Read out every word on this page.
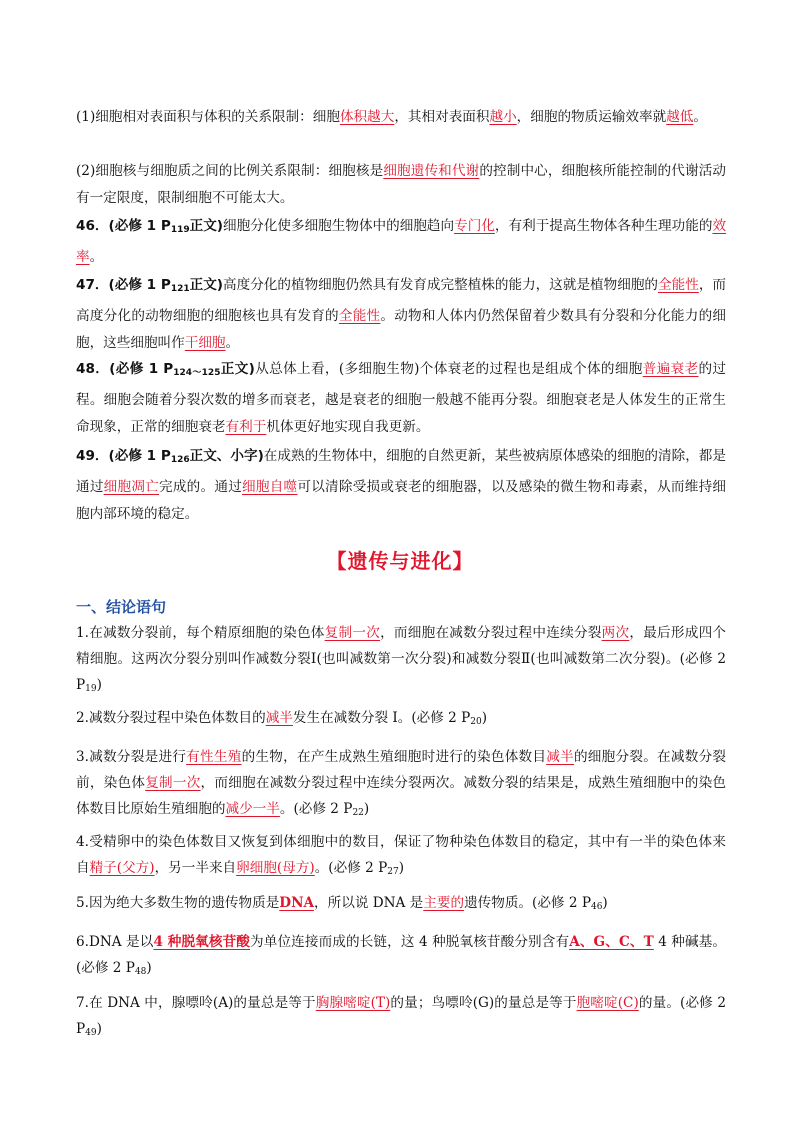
(1)细胞相对表面积与体积的关系限制：细胞体积越大，其相对表面积越小，细胞的物质运输效率就越低。
(2)细胞核与细胞质之间的比例关系限制：细胞核是细胞遗传和代谢的控制中心，细胞核所能控制的代谢活动有一定限度，限制细胞不可能太大。
46．(必修 1 $P_{119}$正文)细胞分化使多细胞生物体中的细胞趋向专门化，有利于提高生物体各种生理功能的效率。
47．(必修 1 $P_{121}$正文)高度分化的植物细胞仍然具有发育成完整植株的能力，这就是植物细胞的全能性，而高度分化的动物细胞的细胞核也具有发育的全能性。动物和人体内仍然保留着少数具有分裂和分化能力的细胞，这些细胞叫作干细胞。
48．(必修 1 $P_{124\sim 125}$正文)从总体上看，(多细胞生物)个体衰老的过程也是组成个体的细胞普遍衰老的过程。细胞会随着分裂次数的增多而衰老，越是衰老的细胞一般越不能再分裂。细胞衰老是人体发生的正常生命现象，正常的细胞衰老有利于机体更好地实现自我更新。
49．(必修 1 $P_{126}$正文、小字)在成熟的生物体中，细胞的自然更新，某些被病原体感染的细胞的清除，都是通过细胞凋亡完成的。通过细胞自噬可以清除受损或衰老的细胞器，以及感染的微生物和毒素，从而维持细胞内部环境的稳定。
【遗传与进化】
一、结论语句
1.在减数分裂前，每个精原细胞的染色体复制一次，而细胞在减数分裂过程中连续分裂两次，最后形成四个精细胞。这两次分裂分别叫作减数分裂Ⅰ(也叫减数第一次分裂)和减数分裂Ⅱ(也叫减数第二次分裂)。(必修 2 $P_{19}$)
2.减数分裂过程中染色体数目的减半发生在减数分裂 Ⅰ。(必修 2 $P_{20}$)
3.减数分裂是进行有性生殖的生物，在产生成熟生殖细胞时进行的染色体数目减半的细胞分裂。在减数分裂前，染色体复制一次，而细胞在减数分裂过程中连续分裂两次。减数分裂的结果是，成熟生殖细胞中的染色体数目比原始生殖细胞的减少一半。(必修 2 $P_{22}$)
4.受精卵中的染色体数目又恢复到体细胞中的数目，保证了物种染色体数目的稳定，其中有一半的染色体来自精子(父方)，另一半来自卵细胞(母方)。(必修 2 $P_{27}$)
5.因为绝大多数生物的遗传物质是DNA，所以说 DNA 是主要的遗传物质。(必修 2 $P_{46}$)
6.DNA 是以4 种脱氧核苷酸为单位连接而成的长链，这 4 种脱氧核苷酸分别含有A、G、C、T 4 种碱基。(必修 2 $P_{48}$)
7.在 DNA 中，腺嘌呤(A)的量总是等于胸腺嘧啶(T)的量；鸟嘌呤(G)的量总是等于胞嘧啶(C)的量。(必修 2 $P_{49}$)
